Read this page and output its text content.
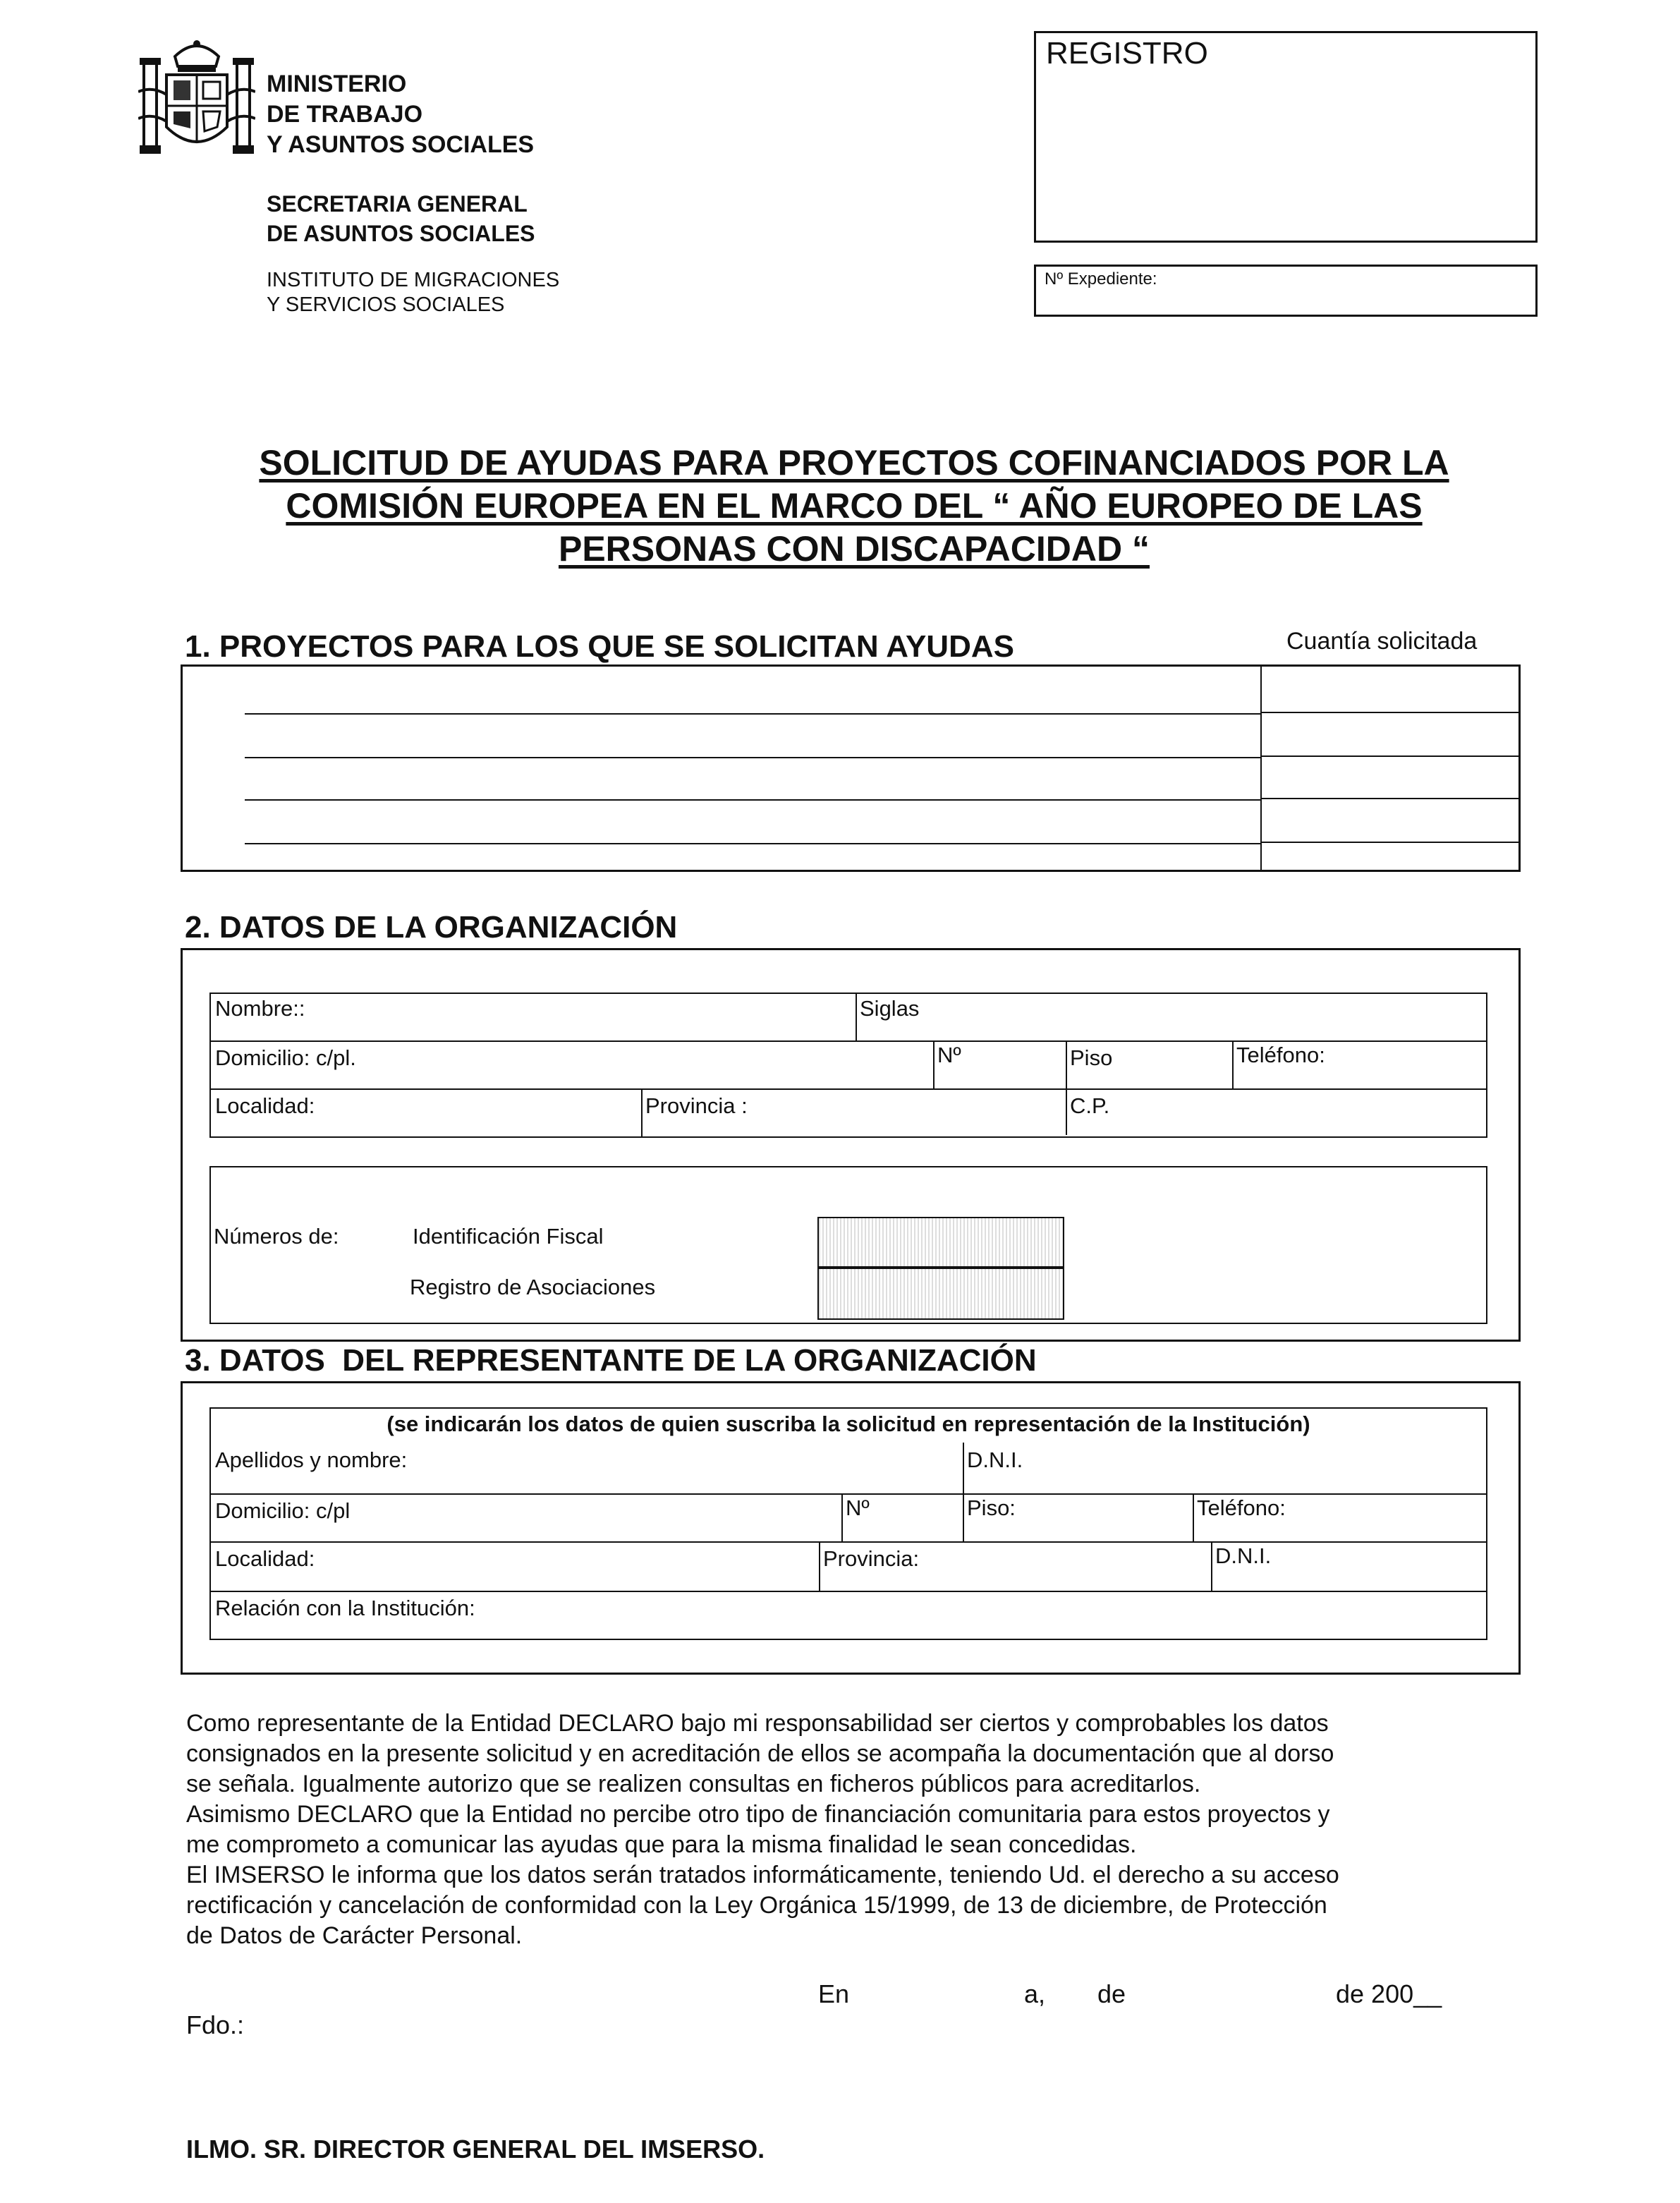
MINISTERIO
DE TRABAJO
Y ASUNTOS SOCIALES
SECRETARIA GENERAL
DE ASUNTOS SOCIALES
INSTITUTO DE MIGRACIONES
Y SERVICIOS SOCIALES
REGISTRO
Nº Expediente:
SOLICITUD DE AYUDAS PARA PROYECTOS COFINANCIADOS POR LA
COMISIÓN EUROPEA EN EL MARCO DEL “ AÑO EUROPEO DE LAS
PERSONAS CON DISCAPACIDAD “
1. PROYECTOS PARA LOS QUE SE SOLICITAN AYUDAS	Cuantía solicitada
2. DATOS DE LA ORGANIZACIÓN
Nombre::	Siglas
Domicilio: c/pl.	Nº	Piso	Teléfono:
Localidad:	Provincia :	C.P.
Números de:	Identificación Fiscal
Registro de Asociaciones
3. DATOS  DEL REPRESENTANTE DE LA ORGANIZACIÓN
(se indicarán los datos de quien suscriba la solicitud en representación de la Institución)
Apellidos y nombre:	D.N.I.
Domicilio: c/pl	Nº	Piso:	Teléfono:
Localidad:	Provincia:	D.N.I.
Relación con la Institución:
Como representante de la Entidad DECLARO bajo mi responsabilidad ser ciertos y comprobables los datos
consignados en la presente solicitud y en acreditación de ellos se acompaña la documentación que al dorso
se señala. Igualmente autorizo que se realizen consultas en ficheros públicos para acreditarlos.
Asimismo DECLARO que la Entidad no percibe otro tipo de financiación comunitaria para estos proyectos y
me comprometo a comunicar las ayudas que para la misma finalidad le sean concedidas.
El IMSERSO le informa que los datos serán tratados informáticamente, teniendo Ud. el derecho a su acceso
rectificación y cancelación de conformidad con la Ley Orgánica 15/1999, de 13 de diciembre, de Protección
de Datos de Carácter Personal.
En	a, de	de 200__
Fdo.:
ILMO. SR. DIRECTOR GENERAL DEL IMSERSO.
